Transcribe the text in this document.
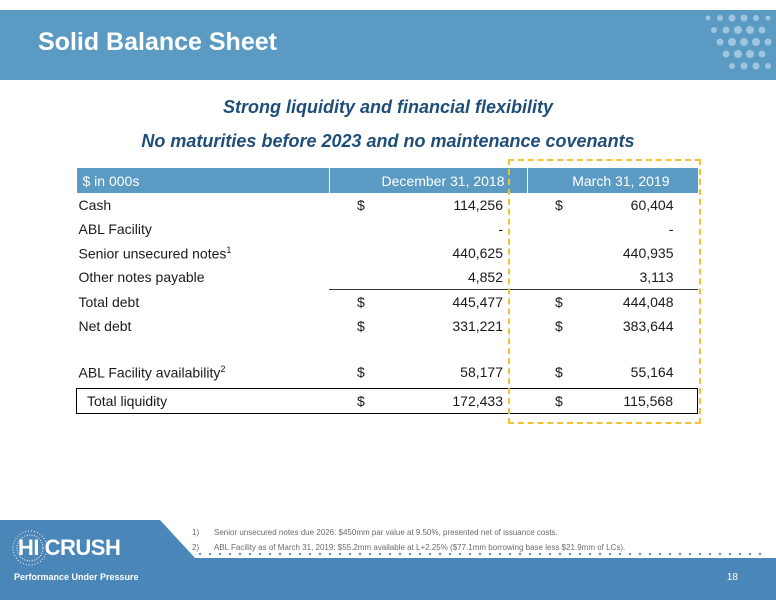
Solid Balance Sheet
Strong liquidity and financial flexibility
No maturities before 2023 and no maintenance covenants
$ in 000s	December 31, 2018		March 31, 2019	
Cash	$	114,256	$	60,404
ABL Facility		-		-
Senior unsecured notes$^1$		440,625		440,935
Other notes payable		4,852		3,113
Total debt	$	445,477	$	444,048
Net debt	$	331,221	$	383,644

ABL Facility availability$^2$	$	58,177	$	55,164

Total liquidity	$	172,433	$	115,568
HI CRUSH
Performance Under Pressure
1) Senior unsecured notes due 2026: $450mm par value at 9.50%, presented net of issuance costs.
2) ABL Facility as of March 31, 2019: $55.2mm available at L+2.25% ($77.1mm borrowing base less $21.9mm of LCs).
18
